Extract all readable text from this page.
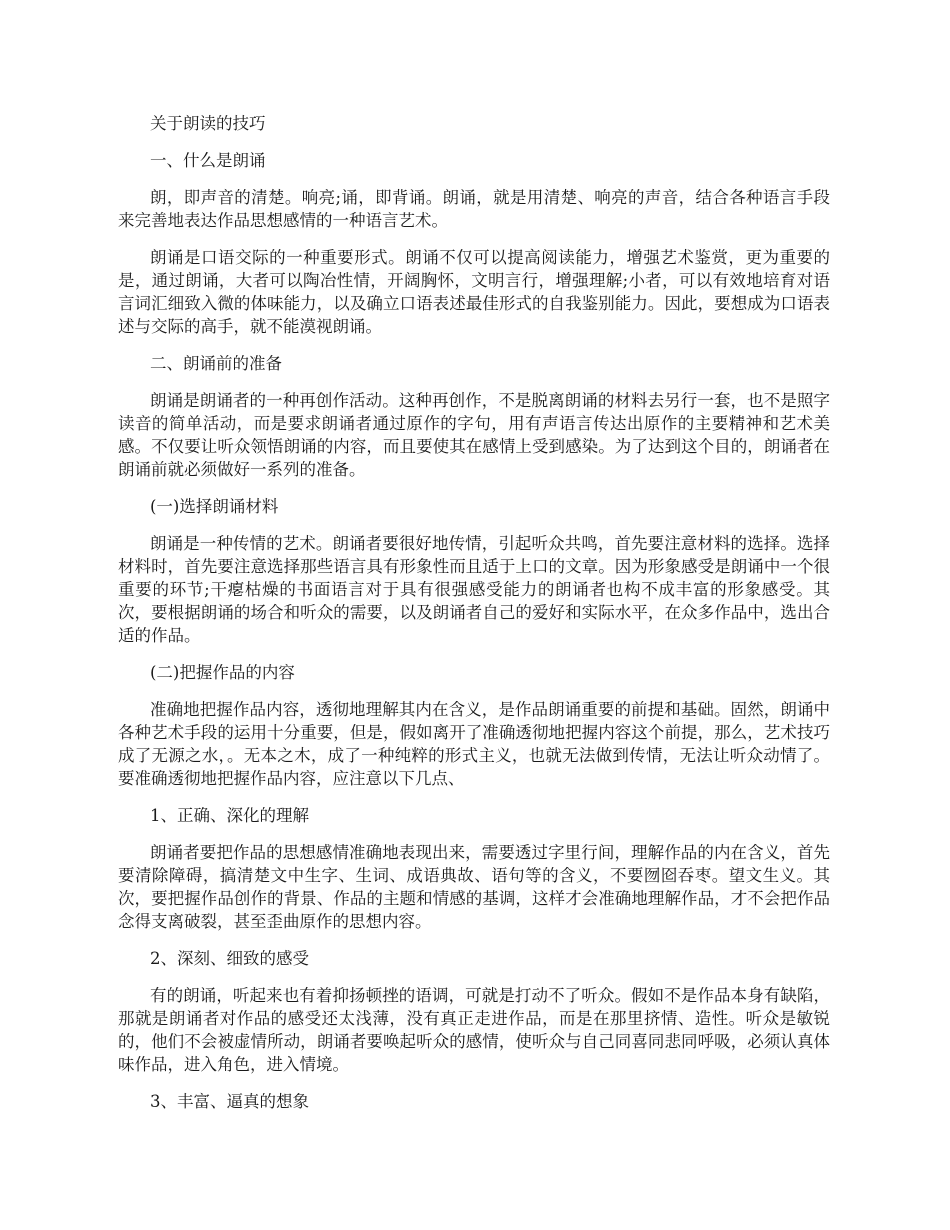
关于朗读的技巧

一、什么是朗诵

朗，即声音的清楚。响亮;诵，即背诵。朗诵，就是用清楚、响亮的声音，结合各种语言手段来完善地表达作品思想感情的一种语言艺术。

朗诵是口语交际的一种重要形式。朗诵不仅可以提高阅读能力，增强艺术鉴赏，更为重要的是，通过朗诵，大者可以陶冶性情，开阔胸怀，文明言行，增强理解;小者，可以有效地培育对语言词汇细致入微的体味能力，以及确立口语表述最佳形式的自我鉴别能力。因此，要想成为口语表述与交际的高手，就不能漠视朗诵。

二、朗诵前的准备

朗诵是朗诵者的一种再创作活动。这种再创作，不是脱离朗诵的材料去另行一套，也不是照字读音的简单活动，而是要求朗诵者通过原作的字句，用有声语言传达出原作的主要精神和艺术美感。不仅要让听众领悟朗诵的内容，而且要使其在感情上受到感染。为了达到这个目的，朗诵者在朗诵前就必须做好一系列的准备。

(一)选择朗诵材料

朗诵是一种传情的艺术。朗诵者要很好地传情，引起听众共鸣，首先要注意材料的选择。选择材料时，首先要注意选择那些语言具有形象性而且适于上口的文章。因为形象感受是朗诵中一个很重要的环节;干瘪枯燥的书面语言对于具有很强感受能力的朗诵者也构不成丰富的形象感受。其次，要根据朗诵的场合和听众的需要，以及朗诵者自己的爱好和实际水平，在众多作品中，选出合适的作品。

(二)把握作品的内容

准确地把握作品内容，透彻地理解其内在含义，是作品朗诵重要的前提和基础。固然，朗诵中各种艺术手段的运用十分重要，但是，假如离开了准确透彻地把握内容这个前提，那么，艺术技巧成了无源之水，。无本之木，成了一种纯粹的形式主义，也就无法做到传情，无法让听众动情了。要准确透彻地把握作品内容，应注意以下几点、

1、正确、深化的理解

朗诵者要把作品的思想感情准确地表现出来，需要透过字里行间，理解作品的内在含义，首先要清除障碍，搞清楚文中生字、生词、成语典故、语句等的含义，不要囫囵吞枣。望文生义。其次，要把握作品创作的背景、作品的主题和情感的基调，这样才会准确地理解作品，才不会把作品念得支离破裂，甚至歪曲原作的思想内容。

2、深刻、细致的感受

有的朗诵，听起来也有着抑扬顿挫的语调，可就是打动不了听众。假如不是作品本身有缺陷，那就是朗诵者对作品的感受还太浅薄，没有真正走进作品，而是在那里挤情、造性。听众是敏锐的，他们不会被虚情所动，朗诵者要唤起听众的感情，使听众与自己同喜同悲同呼吸，必须认真体味作品，进入角色，进入情境。

3、丰富、逼真的想象
